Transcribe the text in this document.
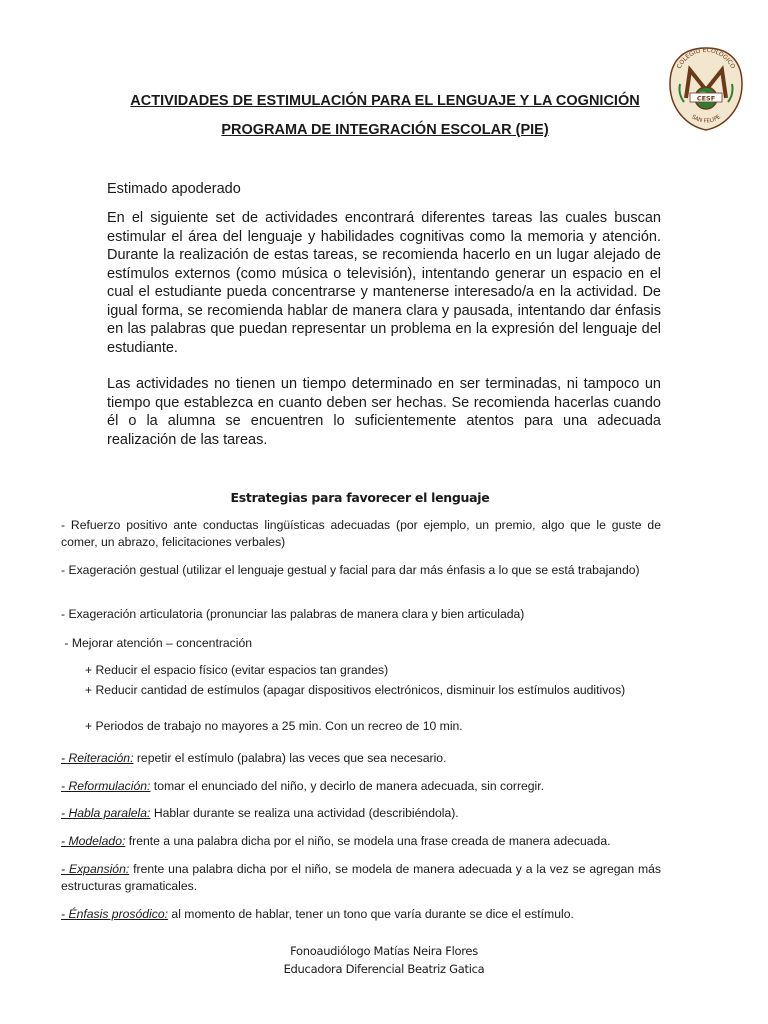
COLEGIO ECOLÓGICO
CESF
SAN FELIPE
ACTIVIDADES DE ESTIMULACIÓN PARA EL LENGUAJE Y LA COGNICIÓN
PROGRAMA DE INTEGRACIÓN ESCOLAR (PIE)
Estimado apoderado

En el siguiente set de actividades encontrará diferentes tareas las cuales buscan estimular el área del lenguaje y habilidades cognitivas como la memoria y atención. Durante la realización de estas tareas, se recomienda hacerlo en un lugar alejado de estímulos externos (como música o televisión), intentando generar un espacio en el cual el estudiante pueda concentrarse y mantenerse interesado/a en la actividad. De igual forma, se recomienda hablar de manera clara y pausada, intentando dar énfasis en las palabras que puedan representar un problema en la expresión del lenguaje del estudiante.

Las actividades no tienen un tiempo determinado en ser terminadas, ni tampoco un tiempo que establezca en cuanto deben ser hechas. Se recomienda hacerlas cuando él o la alumna se encuentren lo suficientemente atentos para una adecuada realización de las tareas.

Estrategias para favorecer el lenguaje

- Refuerzo positivo ante conductas lingüísticas adecuadas (por ejemplo, un premio, algo que le guste de comer, un abrazo, felicitaciones verbales)

- Exageración gestual (utilizar el lenguaje gestual y facial para dar más énfasis a lo que se está trabajando)

- Exageración articulatoria (pronunciar las palabras de manera clara y bien articulada)

- Mejorar atención – concentración

+ Reducir el espacio físico (evitar espacios tan grandes)

+ Reducir cantidad de estímulos (apagar dispositivos electrónicos, disminuir los estímulos auditivos)

+ Periodos de trabajo no mayores a 25 min. Con un recreo de 10 min.

- Reiteración: repetir el estímulo (palabra) las veces que sea necesario.

- Reformulación: tomar el enunciado del niño, y decirlo de manera adecuada, sin corregir.

- Habla paralela: Hablar durante se realiza una actividad (describiéndola).

- Modelado: frente a una palabra dicha por el niño, se modela una frase creada de manera adecuada.

- Expansión: frente una palabra dicha por el niño, se modela de manera adecuada y a la vez se agregan más estructuras gramaticales.

- Énfasis prosódico: al momento de hablar, tener un tono que varía durante se dice el estímulo.

Fonoaudiólogo Matías Neira Flores
Educadora Diferencial Beatriz Gatica
